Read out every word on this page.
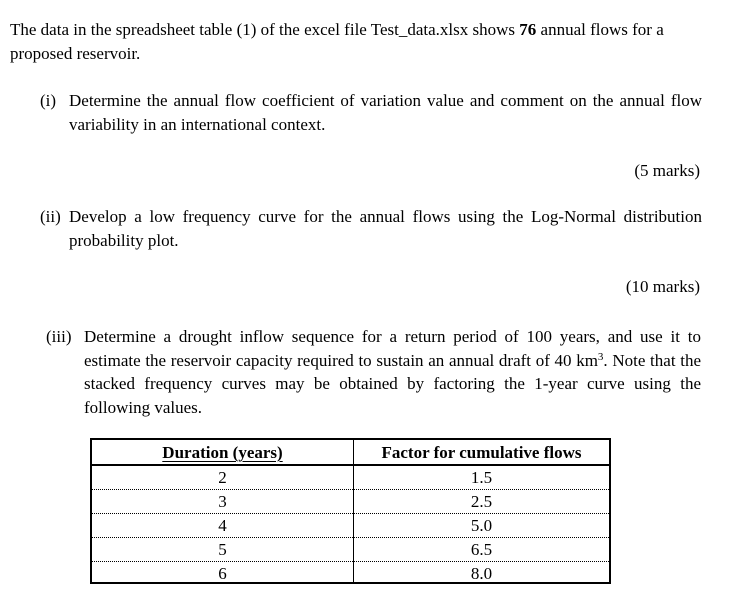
The data in the spreadsheet table (1) of the excel file Test_data.xlsx shows 76 annual flows for a proposed reservoir.
(i) Determine the annual flow coefficient of variation value and comment on the annual flow variability in an international context.
(5 marks)
(ii) Develop a low frequency curve for the annual flows using the Log-Normal distribution probability plot.
(10 marks)
(iii) Determine a drought inflow sequence for a return period of 100 years, and use it to estimate the reservoir capacity required to sustain an annual draft of 40 $km^3$. Note that the stacked frequency curves may be obtained by factoring the 1-year curve using the following values.
Duration (years)	Factor for cumulative flows
2	1.5
3	2.5
4	5.0
5	6.5
6	8.0
